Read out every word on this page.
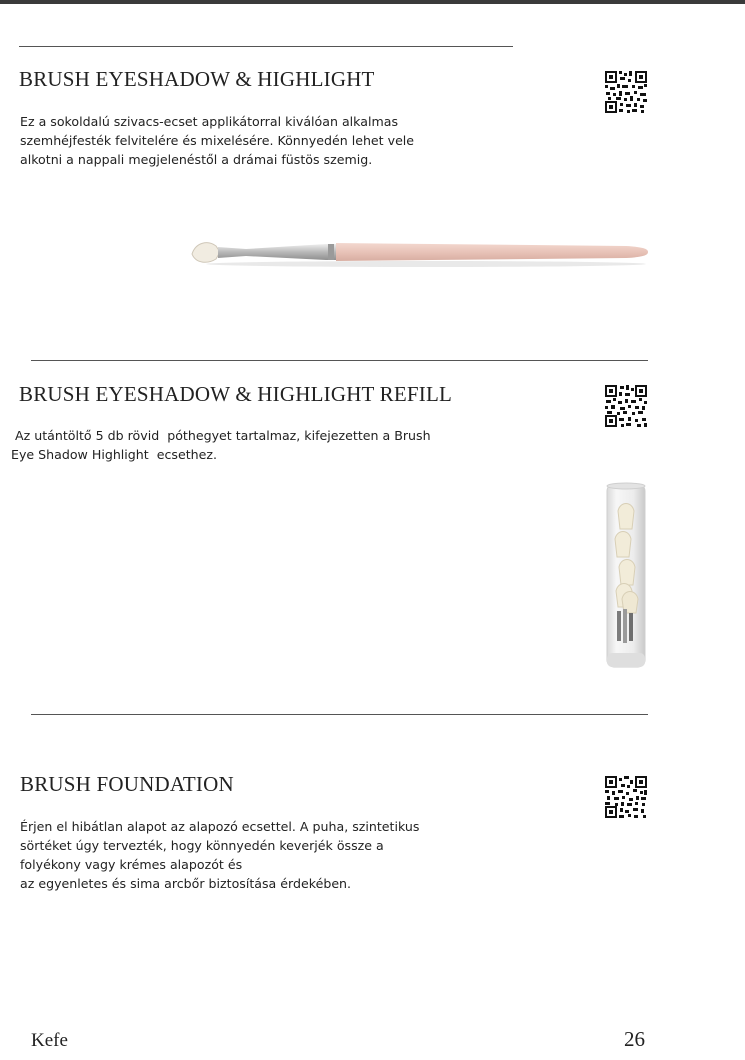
BRUSH EYESHADOW & HIGHLIGHT
Ez a sokoldalú szivacs-ecset applikátorral kiválóan alkalmas
szemhéjfesték felvitelére és mixelésére. Könnyedén lehet vele
alkotni a nappali megjelenéstől a drámai füstös szemig.
BRUSH EYESHADOW & HIGHLIGHT REFILL
Az utántöltő 5 db rövid  póthegyet tartalmaz, kifejezetten a Brush
Eye Shadow Highlight  ecsethez.
BRUSH FOUNDATION
Érjen el hibátlan alapot az alapozó ecsettel. A puha, szintetikus
sörtéket úgy tervezték, hogy könnyedén keverjék össze a
folyékony vagy krémes alapozót és
az egyenletes és sima arcbőr biztosítása érdekében.
Kefe	26
